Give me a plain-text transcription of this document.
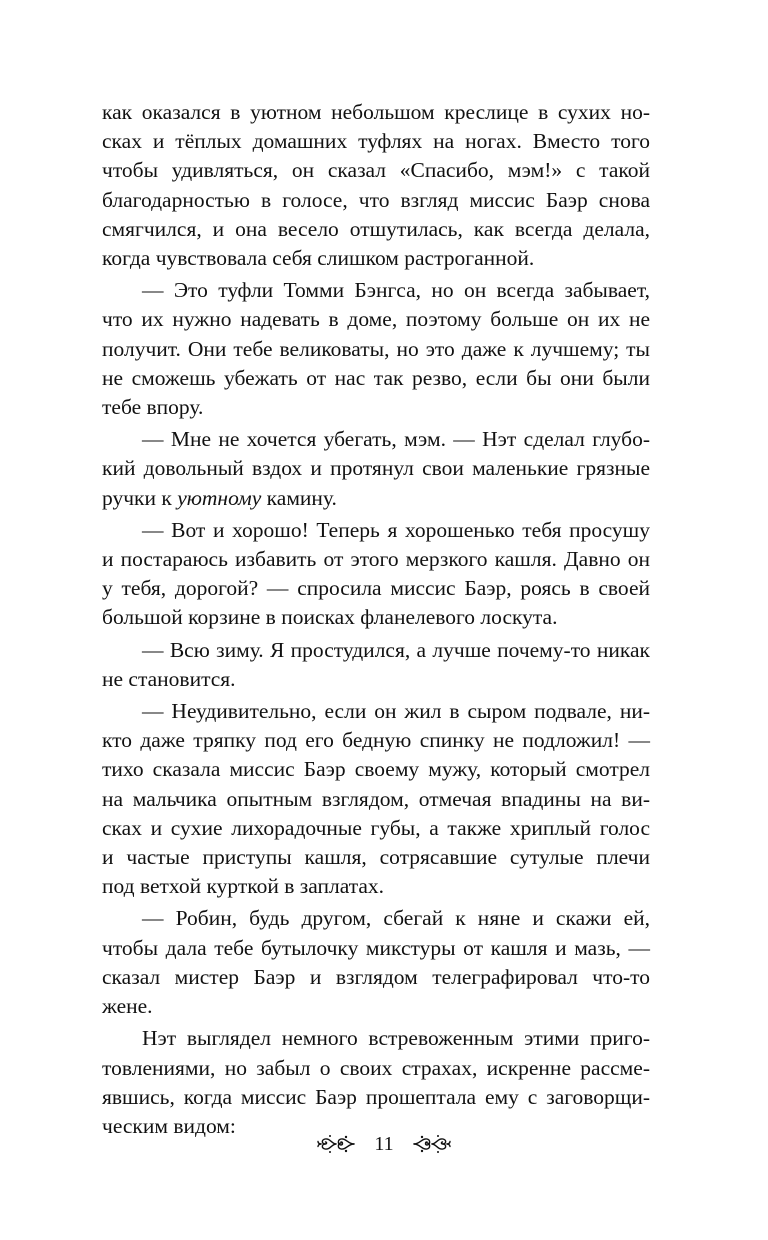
как оказался в уютном небольшом креслице в сухих но-
сках и тёплых домашних туфлях на ногах. Вместо того
чтобы удивляться, он сказал «Спасибо, мэм!» с такой
благодарностью в голосе, что взгляд миссис Баэр снова
смягчился, и она весело отшутилась, как всегда делала,
когда чувствовала себя слишком растроганной.

— Это туфли Томми Бэнгса, но он всегда забывает,
что их нужно надевать в доме, поэтому больше он их не
получит. Они тебе великоваты, но это даже к лучшему; ты
не сможешь убежать от нас так резво, если бы они были
тебе впору.

— Мне не хочется убегать, мэм. — Нэт сделал глубо-
кий довольный вздох и протянул свои маленькие грязные
ручки к уютному камину.

— Вот и хорошо! Теперь я хорошенько тебя просушу
и постараюсь избавить от этого мерзкого кашля. Давно он
у тебя, дорогой? — спросила миссис Баэр, роясь в своей
большой корзине в поисках фланелевого лоскута.

— Всю зиму. Я простудился, а лучше почему-то никак
не становится.

— Неудивительно, если он жил в сыром подвале, ни-
кто даже тряпку под его бедную спинку не подложил! —
тихо сказала миссис Баэр своему мужу, который смотрел
на мальчика опытным взглядом, отмечая впадины на ви-
сках и сухие лихорадочные губы, а также хриплый голос
и частые приступы кашля, сотрясавшие сутулые плечи
под ветхой курткой в заплатах.

— Робин, будь другом, сбегай к няне и скажи ей,
чтобы дала тебе бутылочку микстуры от кашля и мазь, —
сказал мистер Баэр и взглядом телеграфировал что-то
жене.

Нэт выглядел немного встревоженным этими приго-
товлениями, но забыл о своих страхах, искренне рассме-
явшись, когда миссис Баэр прошептала ему с заговорщи-
ческим видом:

11
